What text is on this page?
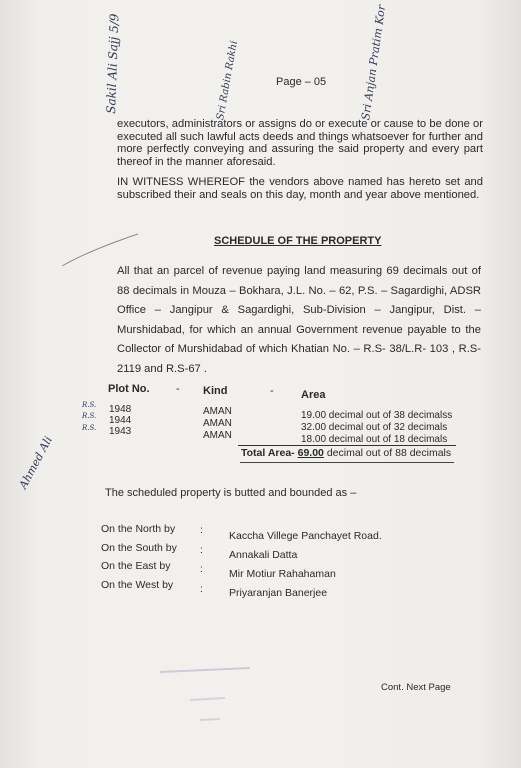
Sakil Ali Sajj 5/9	Sri Rabin Rakhi	Sri Anjan Pratim Kor
Page – 05
executors, administrators or assigns do or execute or cause to be done or executed all such lawful acts deeds and things whatsoever for further and more perfectly conveying and assuring the said property and every part thereof in the manner aforesaid.
IN WITNESS WHEREOF the vendors above named has hereto set and subscribed their and seals on this day, month and year above mentioned.
SCHEDULE OF THE PROPERTY
All that an parcel of revenue paying land measuring 69 decimals out of 88 decimals in Mouza – Bokhara, J.L. No. – 62, P.S. – Sagardighi, ADSR Office – Jangipur & Sagardighi, Sub-Division – Jangipur, Dist. – Murshidabad, for which an annual Government revenue payable to the Collector of Murshidabad of which Khatian No. – R.S- 38/L.R- 103 , R.S-2119 and R.S-67 .
Plot No. - Kind	- Area
R.S. 1948	AMAN	19.00 decimal out of 38 decimalss
R.S. 1944	AMAN	32.00 decimal out of 32 decimals
R.S. 1943	AMAN	18.00 decimal out of 18 decimals
Ahmed Ali	Total Area- 69.00 decimal out of 88 decimals
The scheduled property is butted and bounded as –
On the North by : Kaccha Villege Panchayet Road.
On the South by : Annakali Datta
On the East by	: Mir Motiur Rahahaman
On the West by	: Priyaranjan Banerjee
Cont. Next Page
